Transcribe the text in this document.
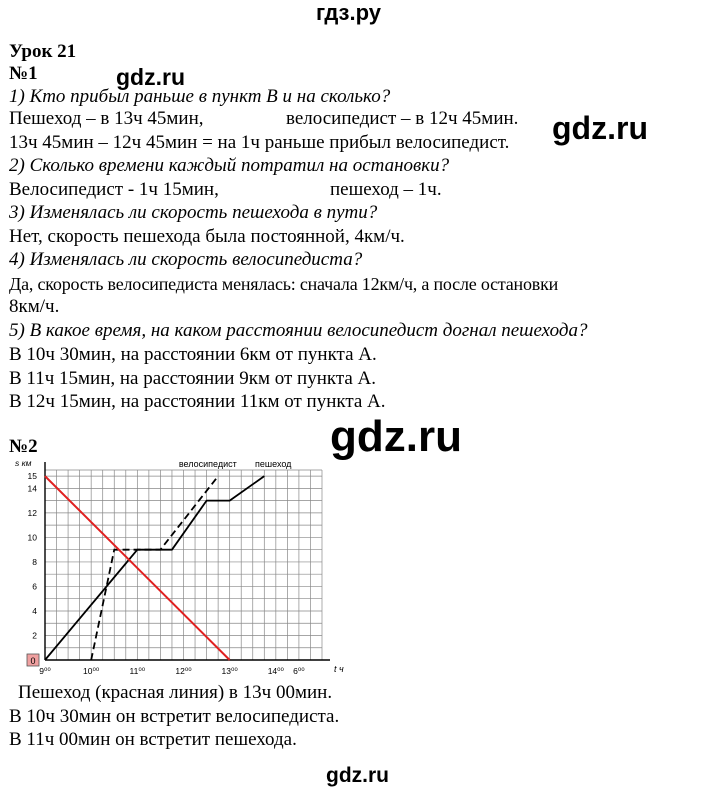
гдз.ру
gdz.ru
gdz.ru
gdz.ru
gdz.ru
Урок 21
№1
1) Кто прибыл раньше в пункт B и на сколько?
Пешеход – в 13ч 45мин,	велосипедист – в 12ч 45мин.
13ч 45мин – 12ч 45мин = на 1ч раньше прибыл велосипедист.
2) Сколько времени каждый потратил на остановки?
Велосипедист - 1ч 15мин,	пешеход – 1ч.
3) Изменялась ли скорость пешехода в пути?
Нет, скорость пешехода была постоянной, 4км/ч.
4) Изменялась ли скорость велосипедиста?
Да, скорость велосипедиста менялась: сначала 12км/ч, а после остановки
8км/ч.
5) В какое время, на каком расстоянии велосипедист догнал пешехода?
В 10ч 30мин, на расстоянии 6км от пункта А.
В 11ч 15мин, на расстоянии 9км от пункта А.
В 12ч 15мин, на расстоянии 11км от пункта А.
№2
0
2
4
6
8
10
12
14
15
s км
9⁰⁰	10⁰⁰	11⁰⁰	12⁰⁰	13⁰⁰	14⁰⁰ 6⁰⁰	t ч
велосипедист пешеход
Пешеход (красная линия) в 13ч 00мин.
В 10ч 30мин он встретит велосипедиста.
В 11ч 00мин он встретит пешехода.
